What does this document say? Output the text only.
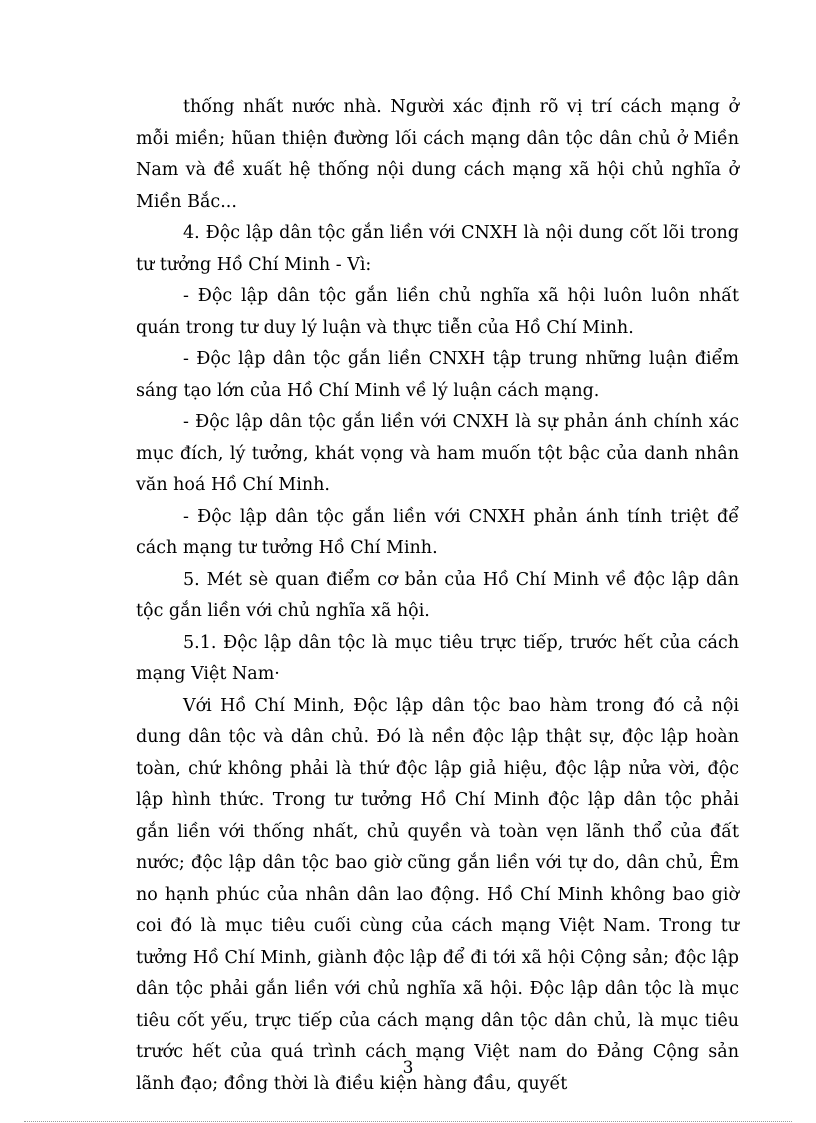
thống nhất nước nhà. Người xác định rõ vị trí cách mạng ở mỗi miền; hũan thiện đường lối cách mạng dân tộc dân chủ ở Miền Nam và đề xuất hệ thống nội dung cách mạng xã hội chủ nghĩa ở Miền Bắc...

4. Độc lập dân tộc gắn liền với CNXH là nội dung cốt lõi trong tư tưởng Hồ Chí Minh - Vì:

- Độc lập dân tộc gắn liền chủ nghĩa xã hội luôn luôn nhất quán trong tư duy lý luận và thực tiễn của Hồ Chí Minh.

- Độc lập dân tộc gắn liền CNXH tập trung những luận điểm sáng tạo lớn của Hồ Chí Minh về lý luận cách mạng.

- Độc lập dân tộc gắn liền với CNXH là sự phản ánh chính xác mục đích, lý tưởng, khát vọng và ham muốn tột bậc của danh nhân văn hoá Hồ Chí Minh.

- Độc lập dân tộc gắn liền với CNXH phản ánh tính triệt để cách mạng tư tưởng Hồ Chí Minh.

5. Mét sè quan điểm cơ bản của Hồ Chí Minh về độc lập dân tộc gắn liền với chủ nghĩa xã hội.

5.1. Độc lập dân tộc là mục tiêu trực tiếp, trước hết của cách mạng Việt Nam·

Với Hồ Chí Minh, Độc lập dân tộc bao hàm trong đó cả nội dung dân tộc và dân chủ. Đó là nền độc lập thật sự, độc lập hoàn toàn, chứ không phải là thứ độc lập giả hiệu, độc lập nửa vời, độc lập hình thức. Trong tư tưởng Hồ Chí Minh độc lập dân tộc phải gắn liền với thống nhất, chủ quyền và toàn vẹn lãnh thổ của đất nước; độc lập dân tộc bao giờ cũng gắn liền với tự do, dân chủ, Êm no hạnh phúc của nhân dân lao động. Hồ Chí Minh không bao giờ coi đó là mục tiêu cuối cùng của cách mạng Việt Nam. Trong tư tưởng Hồ Chí Minh, giành độc lập để đi tới xã hội Cộng sản; độc lập dân tộc phải gắn liền với chủ nghĩa xã hội. Độc lập dân tộc là mục tiêu cốt yếu, trực tiếp của cách mạng dân tộc dân chủ, là mục tiêu trước hết của quá trình cách mạng Việt nam do Đảng Cộng sản lãnh đạo; đồng thời là điều kiện hàng đầu, quyết

3
